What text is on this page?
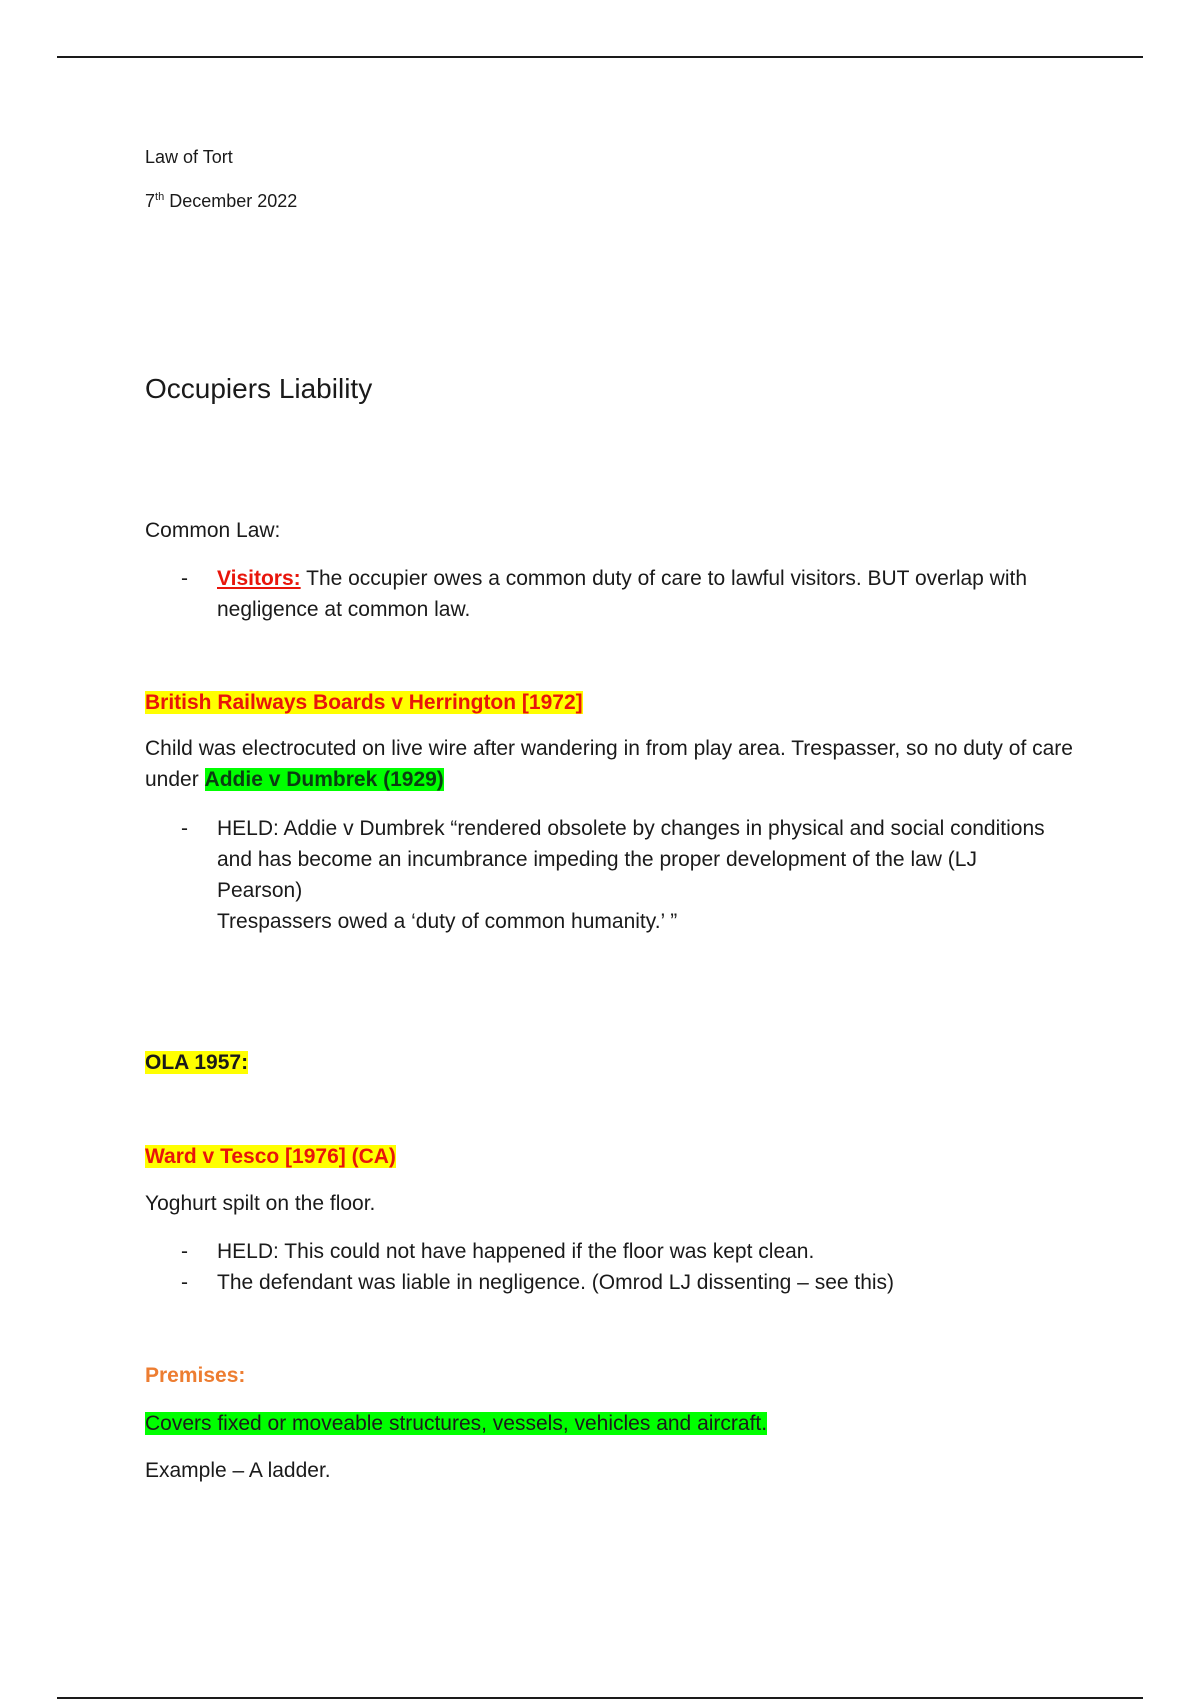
Law of Tort
7th December 2022
Occupiers Liability
Common Law:
- Visitors: The occupier owes a common duty of care to lawful visitors. BUT overlap with negligence at common law.
British Railways Boards v Herrington [1972]
Child was electrocuted on live wire after wandering in from play area. Trespasser, so no duty of care under Addie v Dumbrek (1929)
- HELD: Addie v Dumbrek “rendered obsolete by changes in physical and social conditions and has become an incumbrance impeding the proper development of the law (LJ Pearson)
Trespassers owed a ‘duty of common humanity.’ ”
OLA 1957:
Ward v Tesco [1976] (CA)
Yoghurt spilt on the floor.
- HELD: This could not have happened if the floor was kept clean.
- The defendant was liable in negligence. (Omrod LJ dissenting – see this)
Premises:
Covers fixed or moveable structures, vessels, vehicles and aircraft.
Example – A ladder.
